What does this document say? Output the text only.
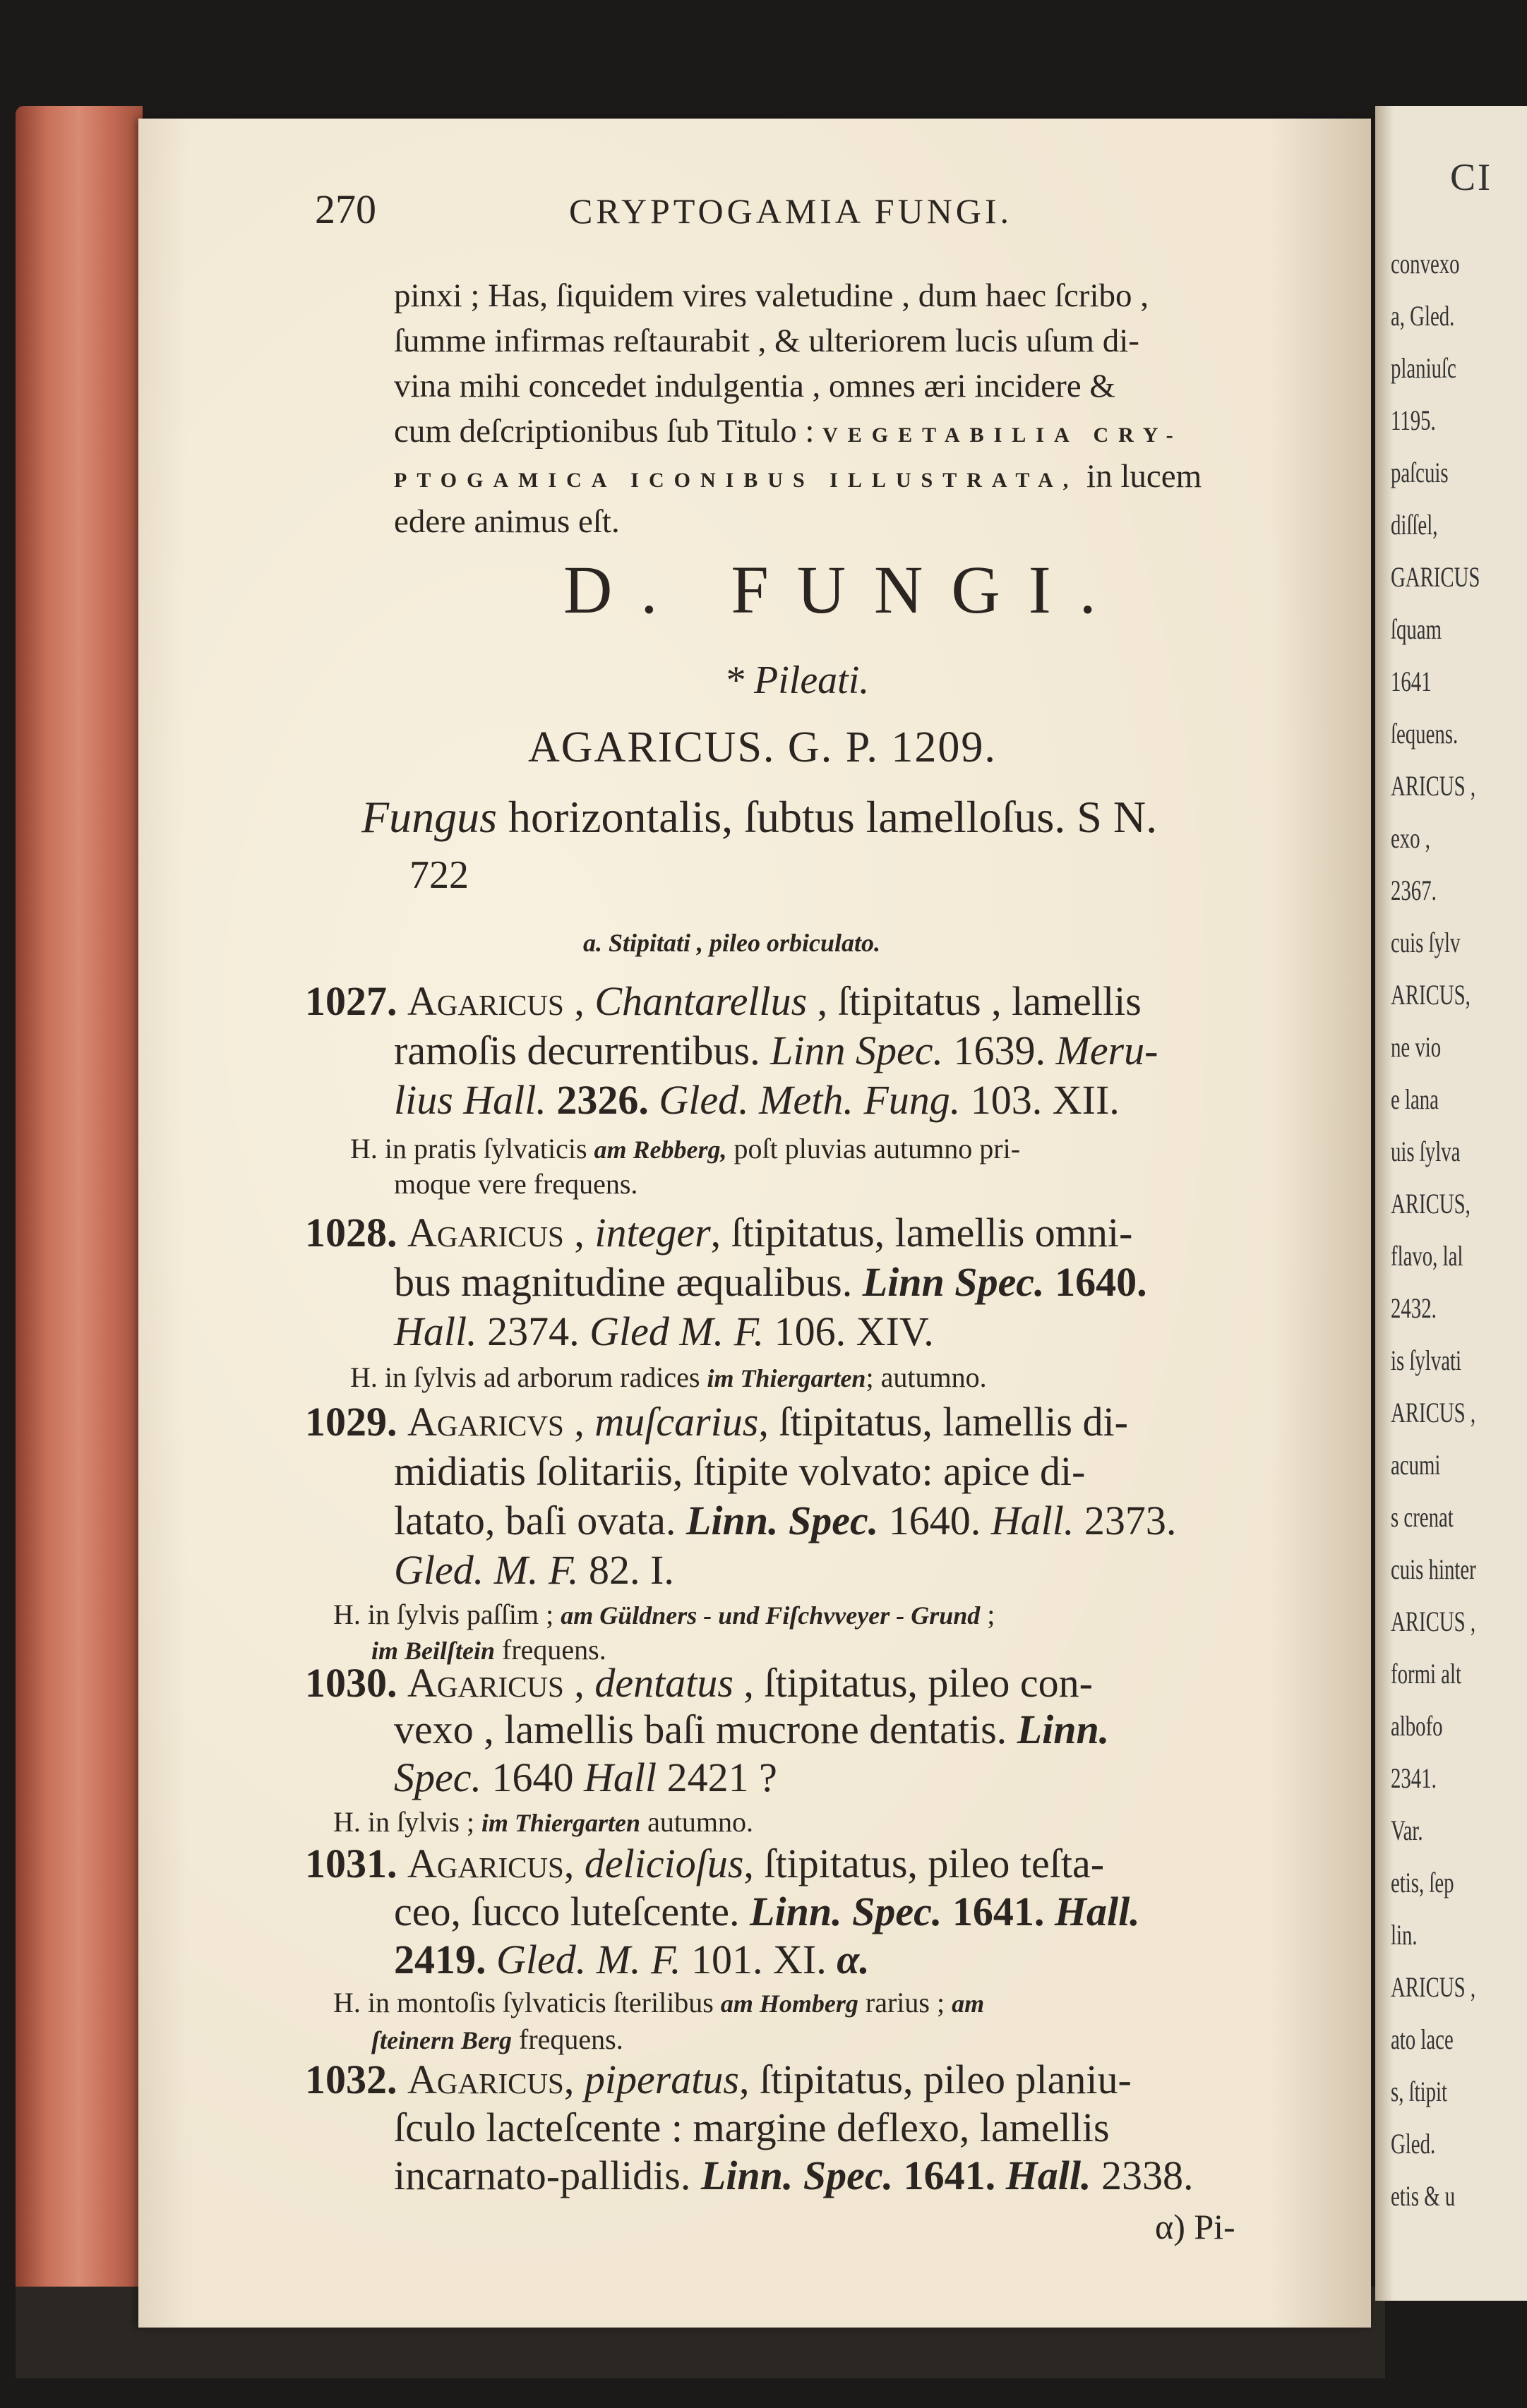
CI
convexo
a, Gled.
planiuſc
1195.
paſcuis
diſſel,
GARICUS
ſquam
1641
ſequens.
ARICUS ,
exo ,
2367.
cuis ſylv
ARICUS,
ne vio
e lana
uis ſylva
ARICUS,
flavo, lal
2432.
is ſylvati
ARICUS ,
acumi
s crenat
cuis hinter
ARICUS ,
formi alt
albofo
2341.
Var.
etis, ſep
lin.
ARICUS ,
ato lace
s, ſtipit
Gled.
etis & u
270	CRYPTOGAMIA FUNGI.
pinxi ; Has, ſiquidem vires valetudine , dum haec ſcribo ,
ſumme infirmas reſtaurabit , & ulteriorem lucis uſum di-
vina mihi concedet indulgentia , omnes æri incidere &
cum deſcriptionibus ſub Titulo : VEGETABILIA CRY-
PTOGAMICA ICONIBUS ILLUSTRATA, in lucem
edere animus eſt.
D. FUNGI.
* Pileati.
AGARICUS. G. P. 1209.
Fungus horizontalis, ſubtus lamelloſus. S N.
722
a. Stipitati , pileo orbiculato.
1027. Agaricus , Chantarellus , ſtipitatus , lamellis
ramoſis decurrentibus. Linn Spec. 1639. Meru-
lius Hall. 2326. Gled. Meth. Fung. 103. XII.
H. in pratis ſylvaticis am Rebberg, poſt pluvias autumno pri-
moque vere frequens.
1028. Agaricus , integer, ſtipitatus, lamellis omni-
bus magnitudine æqualibus. Linn Spec. 1640.
Hall. 2374. Gled M. F. 106. XIV.
H. in ſylvis ad arborum radices im Thiergarten; autumno.
1029. Agaricvs , muſcarius, ſtipitatus, lamellis di-
midiatis ſolitariis, ſtipite volvato: apice di-
latato, baſi ovata. Linn. Spec. 1640. Hall. 2373.
Gled. M. F. 82. I.
H. in ſylvis paſſim ; am Güldners - und Fiſchvveyer - Grund ;
im Beilſtein frequens.
1030. Agaricus , dentatus , ſtipitatus, pileo con-
vexo , lamellis baſi mucrone dentatis. Linn.
Spec. 1640 Hall 2421 ?
H. in ſylvis ; im Thiergarten autumno.
1031. Agaricus, delicioſus, ſtipitatus, pileo teſta-
ceo, ſucco luteſcente. Linn. Spec. 1641. Hall.
2419. Gled. M. F. 101. XI. α.
H. in montoſis ſylvaticis ſterilibus am Homberg rarius ; am
ſteinern Berg frequens.
1032. Agaricus, piperatus, ſtipitatus, pileo planiu-
ſculo lacteſcente : margine deflexo, lamellis
incarnato-pallidis. Linn. Spec. 1641. Hall. 2338.
α) Pi-
